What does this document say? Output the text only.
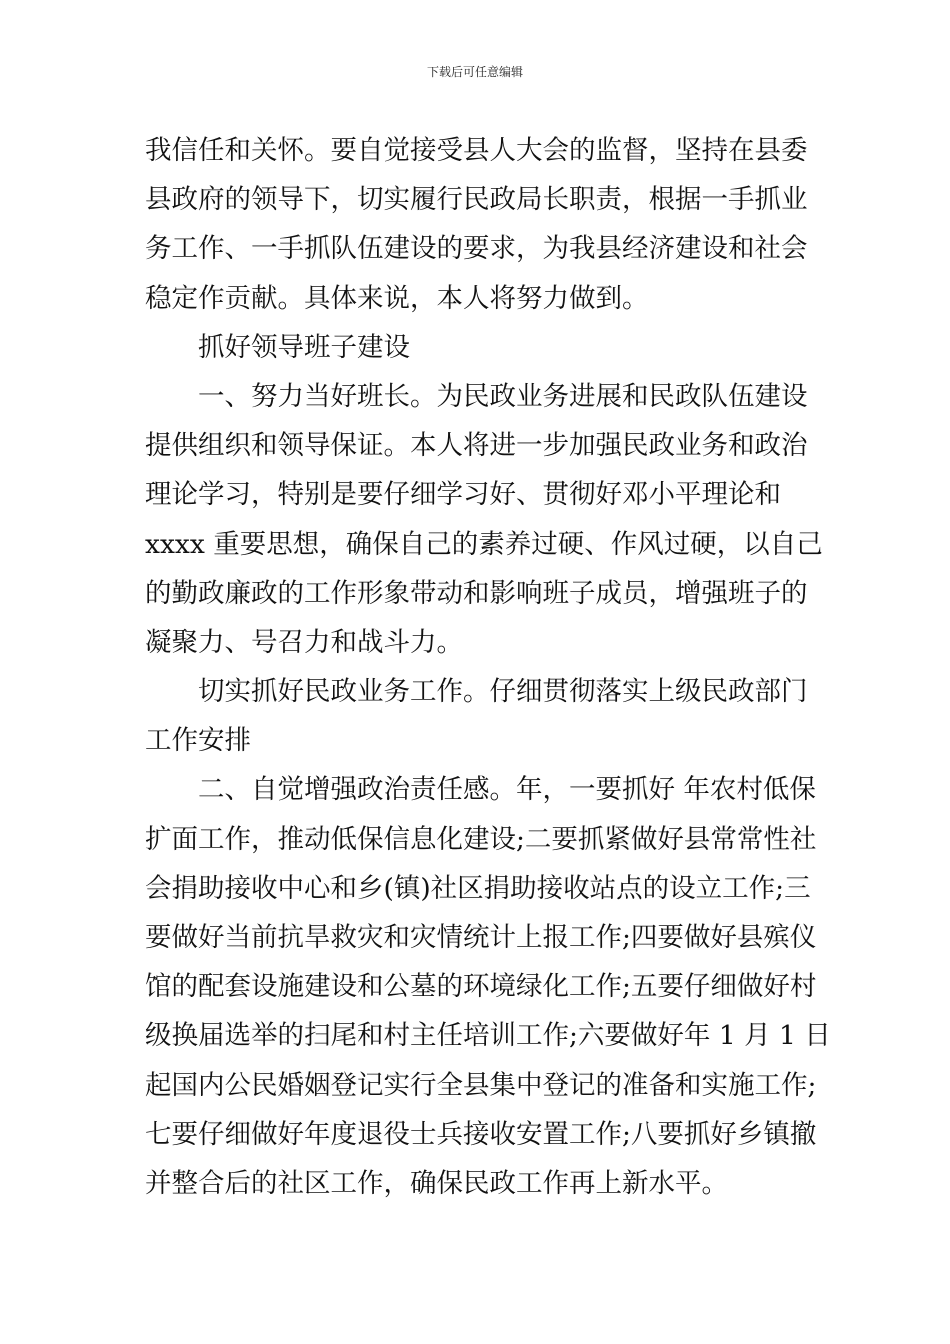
下载后可任意编辑
我信任和关怀。要自觉接受县人大会的监督，坚持在县委
县政府的领导下，切实履行民政局长职责，根据一手抓业
务工作、一手抓队伍建设的要求，为我县经济建设和社会
稳定作贡献。具体来说，本人将努力做到。
抓好领导班子建设
一、努力当好班长。为民政业务进展和民政队伍建设
提供组织和领导保证。本人将进一步加强民政业务和政治
理论学习，特别是要仔细学习好、贯彻好邓小平理论和
xxxx 重要思想，确保自己的素养过硬、作风过硬，以自己
的勤政廉政的工作形象带动和影响班子成员，增强班子的
凝聚力、号召力和战斗力。
切实抓好民政业务工作。仔细贯彻落实上级民政部门
工作安排
二、自觉增强政治责任感。年，一要抓好 年农村低保
扩面工作，推动低保信息化建设;二要抓紧做好县常常性社
会捐助接收中心和乡(镇)社区捐助接收站点的设立工作;三
要做好当前抗旱救灾和灾情统计上报工作;四要做好县殡仪
馆的配套设施建设和公墓的环境绿化工作;五要仔细做好村
级换届选举的扫尾和村主任培训工作;六要做好年 1 月 1 日
起国内公民婚姻登记实行全县集中登记的准备和实施工作;
七要仔细做好年度退役士兵接收安置工作;八要抓好乡镇撤
并整合后的社区工作，确保民政工作再上新水平。
